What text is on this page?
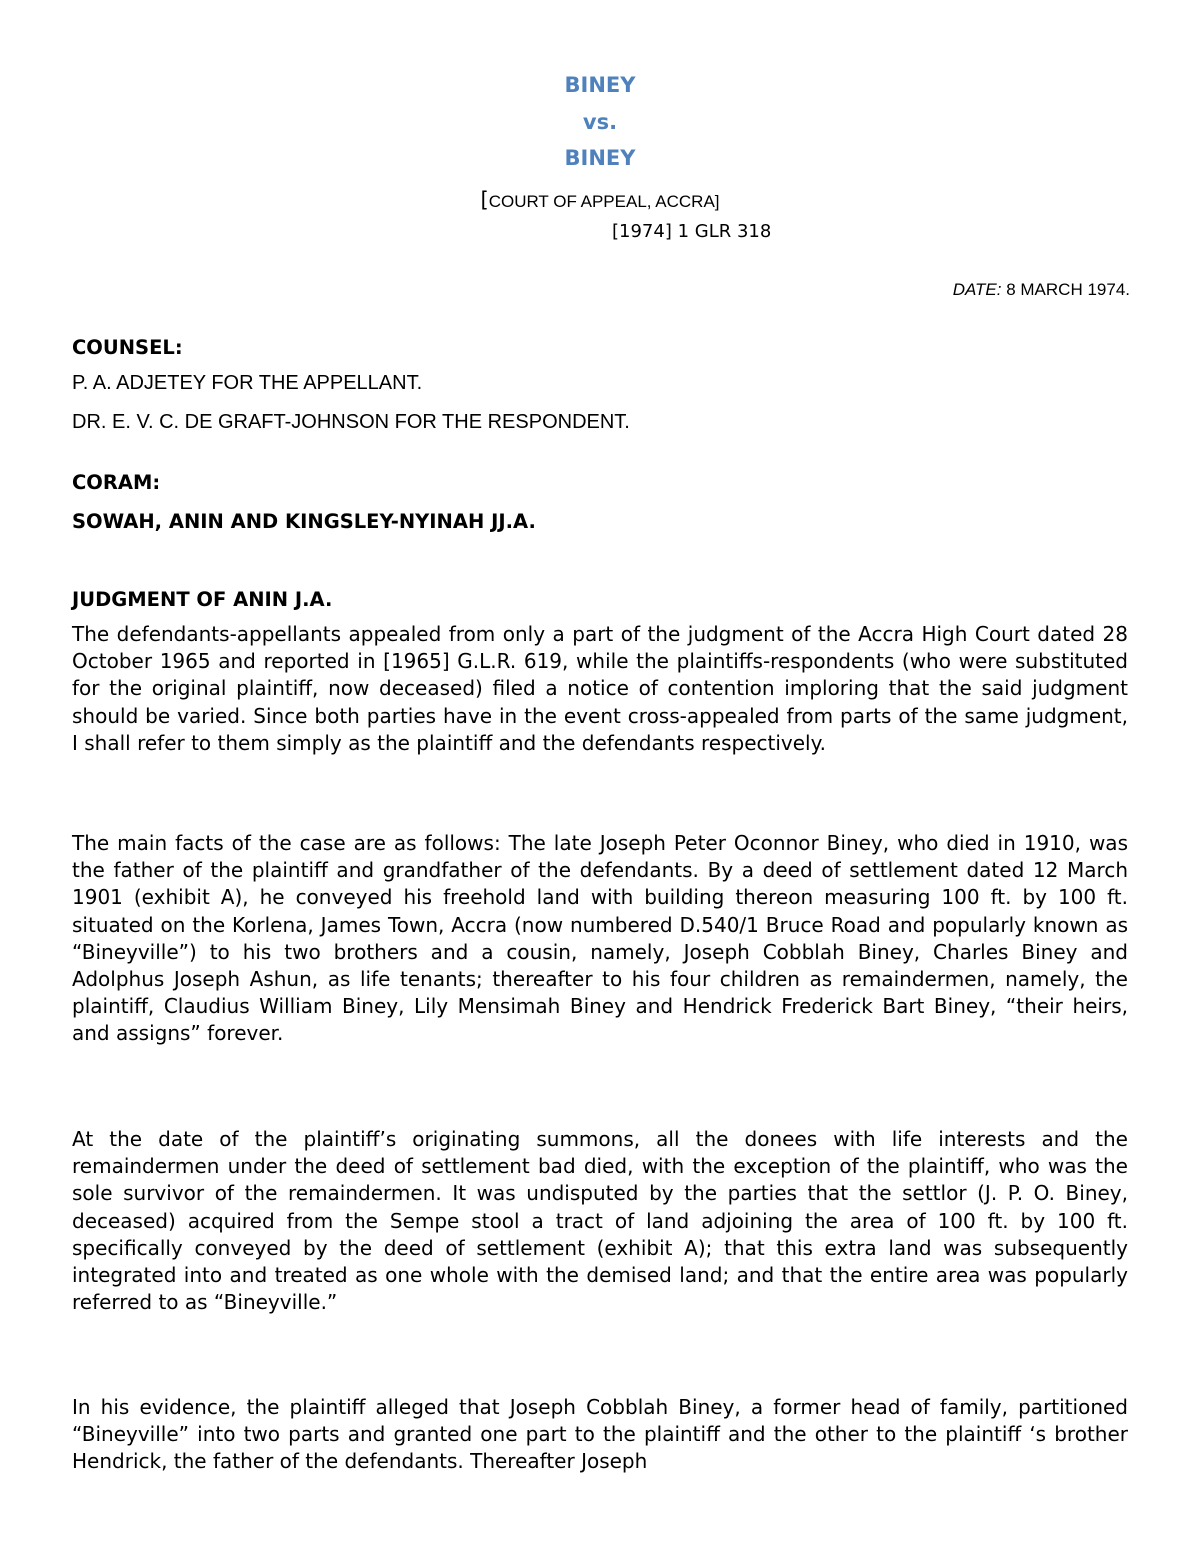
BINEY
vs.
BINEY
[COURT OF APPEAL, ACCRA]
[1974] 1 GLR 318
DATE: 8 MARCH 1974.
COUNSEL:
P. A. ADJETEY FOR THE APPELLANT.
DR. E. V. C. DE GRAFT-JOHNSON FOR THE RESPONDENT.
CORAM:
SOWAH, ANIN AND KINGSLEY-NYINAH JJ.A.
JUDGMENT OF ANIN J.A.

The defendants-appellants appealed from only a part of the judgment of the Accra High Court dated 28 October 1965 and reported in [1965] G.L.R. 619, while the plaintiffs-respondents (who were substituted for the original plaintiff, now deceased) filed a notice of contention imploring that the said judgment should be varied. Since both parties have in the event cross-appealed from parts of the same judgment, I shall refer to them simply as the plaintiff and the defendants respectively.

The main facts of the case are as follows: The late Joseph Peter Oconnor Biney, who died in 1910, was the father of the plaintiff and grandfather of the defendants. By a deed of settlement dated 12 March 1901 (exhibit A), he conveyed his freehold land with building thereon measuring 100 ft. by 100 ft. situated on the Korlena, James Town, Accra (now numbered D.540/1 Bruce Road and popularly known as “Bineyville”) to his two brothers and a cousin, namely, Joseph Cobblah Biney, Charles Biney and Adolphus Joseph Ashun, as life tenants; thereafter to his four children as remaindermen, namely, the plaintiff, Claudius William Biney, Lily Mensimah Biney and Hendrick Frederick Bart Biney, “their heirs, and assigns” forever.

At the date of the plaintiff’s originating summons, all the donees with life interests and the remaindermen under the deed of settlement bad died, with the exception of the plaintiff, who was the sole survivor of the remaindermen. It was undisputed by the parties that the settlor (J. P. O. Biney, deceased) acquired from the Sempe stool a tract of land adjoining the area of 100 ft. by 100 ft. specifically conveyed by the deed of settlement (exhibit A); that this extra land was subsequently integrated into and treated as one whole with the demised land; and that the entire area was popularly referred to as “Bineyville.”

In his evidence, the plaintiff alleged that Joseph Cobblah Biney, a former head of family, partitioned “Bineyville” into two parts and granted one part to the plaintiff and the other to the plaintiff ‘s brother Hendrick, the father of the defendants. Thereafter Joseph
